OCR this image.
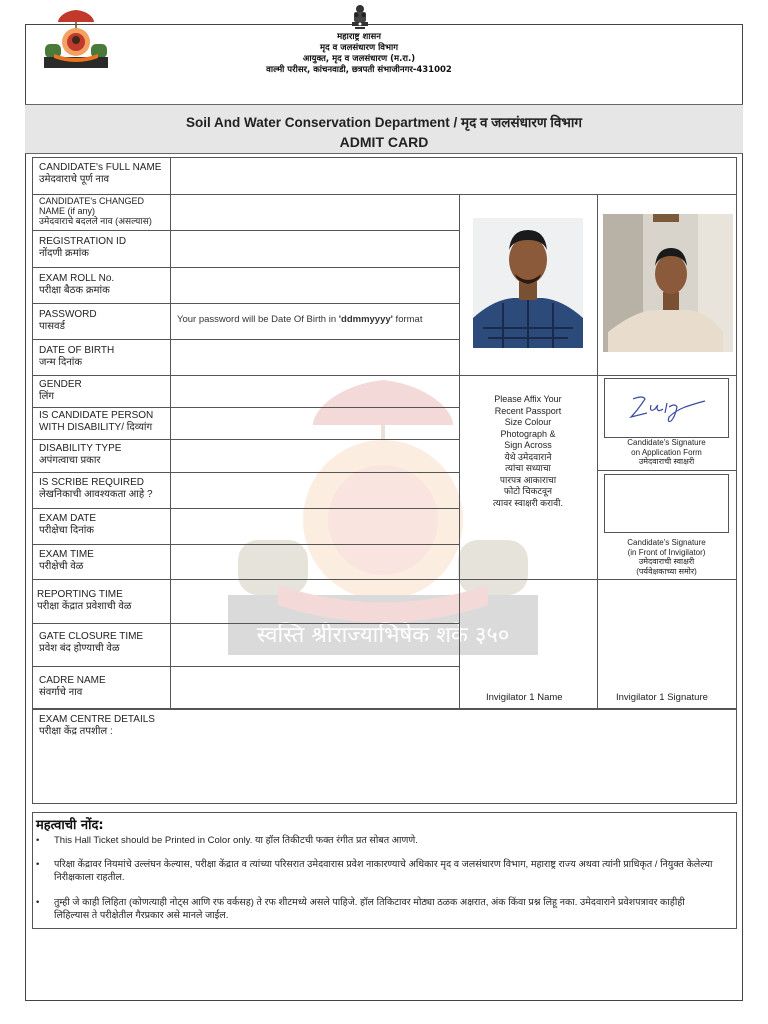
स्वस्ति श्रीराज्याभिषेक शके ३५०
महाराष्ट्र शासन
मृद व जलसंधारण विभाग
आयुक्त, मृद व जलसंधारण (म.रा.)
वाल्मी परीसर, कांचनवाडी, छत्रपती संभाजीनगर-431002
Soil And Water Conservation Department / मृद व जलसंधारण विभाग
ADMIT CARD
CANDIDATE's FULL NAME
उमेदवाराचे पूर्ण नाव
CANDIDATE's CHANGED
NAME (if any)
उमेदवाराचे बदलले नाव (असल्यास)
REGISTRATION ID
नोंदणी क्रमांक
EXAM ROLL No.
परीक्षा बैठक क्रमांक
PASSWORD
पासवर्ड
Your password will be Date Of Birth in 'ddmmyyyy' format
DATE OF BIRTH
जन्म दिनांक
GENDER
लिंग
IS CANDIDATE PERSON
WITH DISABILITY/ दिव्यांग
DISABILITY TYPE
अपंगत्वाचा प्रकार
IS SCRIBE REQUIRED
लेखनिकाची आवश्यकता आहे ?
EXAM DATE
परीक्षेचा दिनांक
EXAM TIME
परीक्षेची वेळ
REPORTING TIME
परीक्षा केंद्रात प्रवेशाची वेळ
GATE CLOSURE TIME
प्रवेश बंद होण्याची वेळ
CADRE NAME
संवर्गाचे नाव
Please Affix Your
Recent Passport
Size Colour
Photograph &
Sign Across
येथे उमेदवाराने
त्यांचा सध्याचा
पारपत्र आकाराचा
फोटो चिकटवून
त्यावर स्वाक्षरी करावी.
Candidate's Signature
on Application Form
उमेदवाराची स्वाक्षरी
Candidate's Signature
(in Front of Invigilator)
उमेदवाराची स्वाक्षरी
(पर्यवेक्षकाच्या समोर)
Invigilator 1 Name	Invigilator 1 Signature
EXAM CENTRE DETAILS
परीक्षा केंद्र तपशील :
महत्वाची नोंद:
• This Hall Ticket should be Printed in Color only. या हॉल तिकीटची फक्त रंगीत प्रत सोबत आणणे.
• परिक्षा केंद्रावर नियमांचे उल्लंघन केल्यास, परीक्षा केंद्रात व त्यांच्या परिसरात उमेदवारास प्रवेश नाकारण्याचे अधिकार मृद व जलसंधारण विभाग, महाराष्ट्र राज्य अथवा त्यांनी प्राधिकृत / नियुक्त केलेल्या निरीक्षकाला राहतील.
• तुम्ही जे काही लिहिता (कोणत्याही नोट्स आणि रफ वर्कसह) ते रफ शीटमध्ये असले पाहिजे. हॉल तिकिटावर मोठ्या ठळक अक्षरात, अंक किंवा प्रश्न लिहू नका. उमेदवाराने प्रवेशपत्रावर काहीही लिहिल्यास ते परीक्षेतील गैरप्रकार असे मानले जाईल.
